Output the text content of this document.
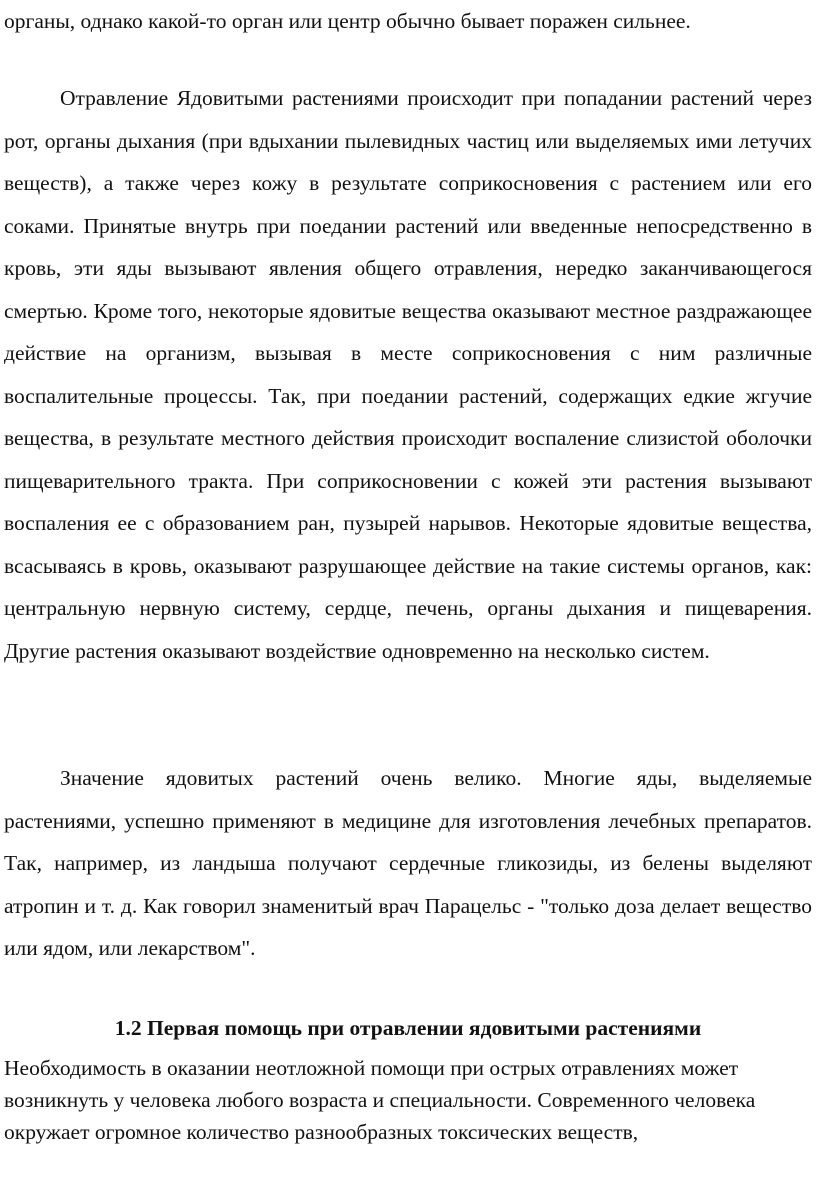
органы, однако какой-то орган или центр обычно бывает поражен сильнее.

Отравление Ядовитыми растениями происходит при попадании растений через рот, органы дыхания (при вдыхании пылевидных частиц или выделяемых ими летучих веществ), а также через кожу в результате соприкосновения с растением или его соками. Принятые внутрь при поедании растений или введенные непосредственно в кровь, эти яды вызывают явления общего отравления, нередко заканчивающегося смертью. Кроме того, некоторые ядовитые вещества оказывают местное раздражающее действие на организм, вызывая в месте соприкосновения с ним различные воспалительные процессы. Так, при поедании растений, содержащих едкие жгучие вещества, в результате местного действия происходит воспаление слизистой оболочки пищеварительного тракта. При соприкосновении с кожей эти растения вызывают воспаления ее с образованием ран, пузырей нарывов. Некоторые ядовитые вещества, всасываясь в кровь, оказывают разрушающее действие на такие системы органов, как: центральную нервную систему, сердце, печень, органы дыхания и пищеварения. Другие растения оказывают воздействие одновременно на несколько систем.

Значение ядовитых растений очень велико. Многие яды, выделяемые растениями, успешно применяют в медицине для изготовления лечебных препаратов. Так, например, из ландыша получают сердечные гликозиды, из белены выделяют атропин и т. д. Как говорил знаменитый врач Парацельс - "только доза делает вещество или ядом, или лекарством".

1.2 Первая помощь при отравлении ядовитыми растениями

Необходимость в оказании неотложной помощи при острых отравлениях может возникнуть у человека любого возраста и специальности. Современного человека окружает огромное количество разнообразных токсических веществ,
